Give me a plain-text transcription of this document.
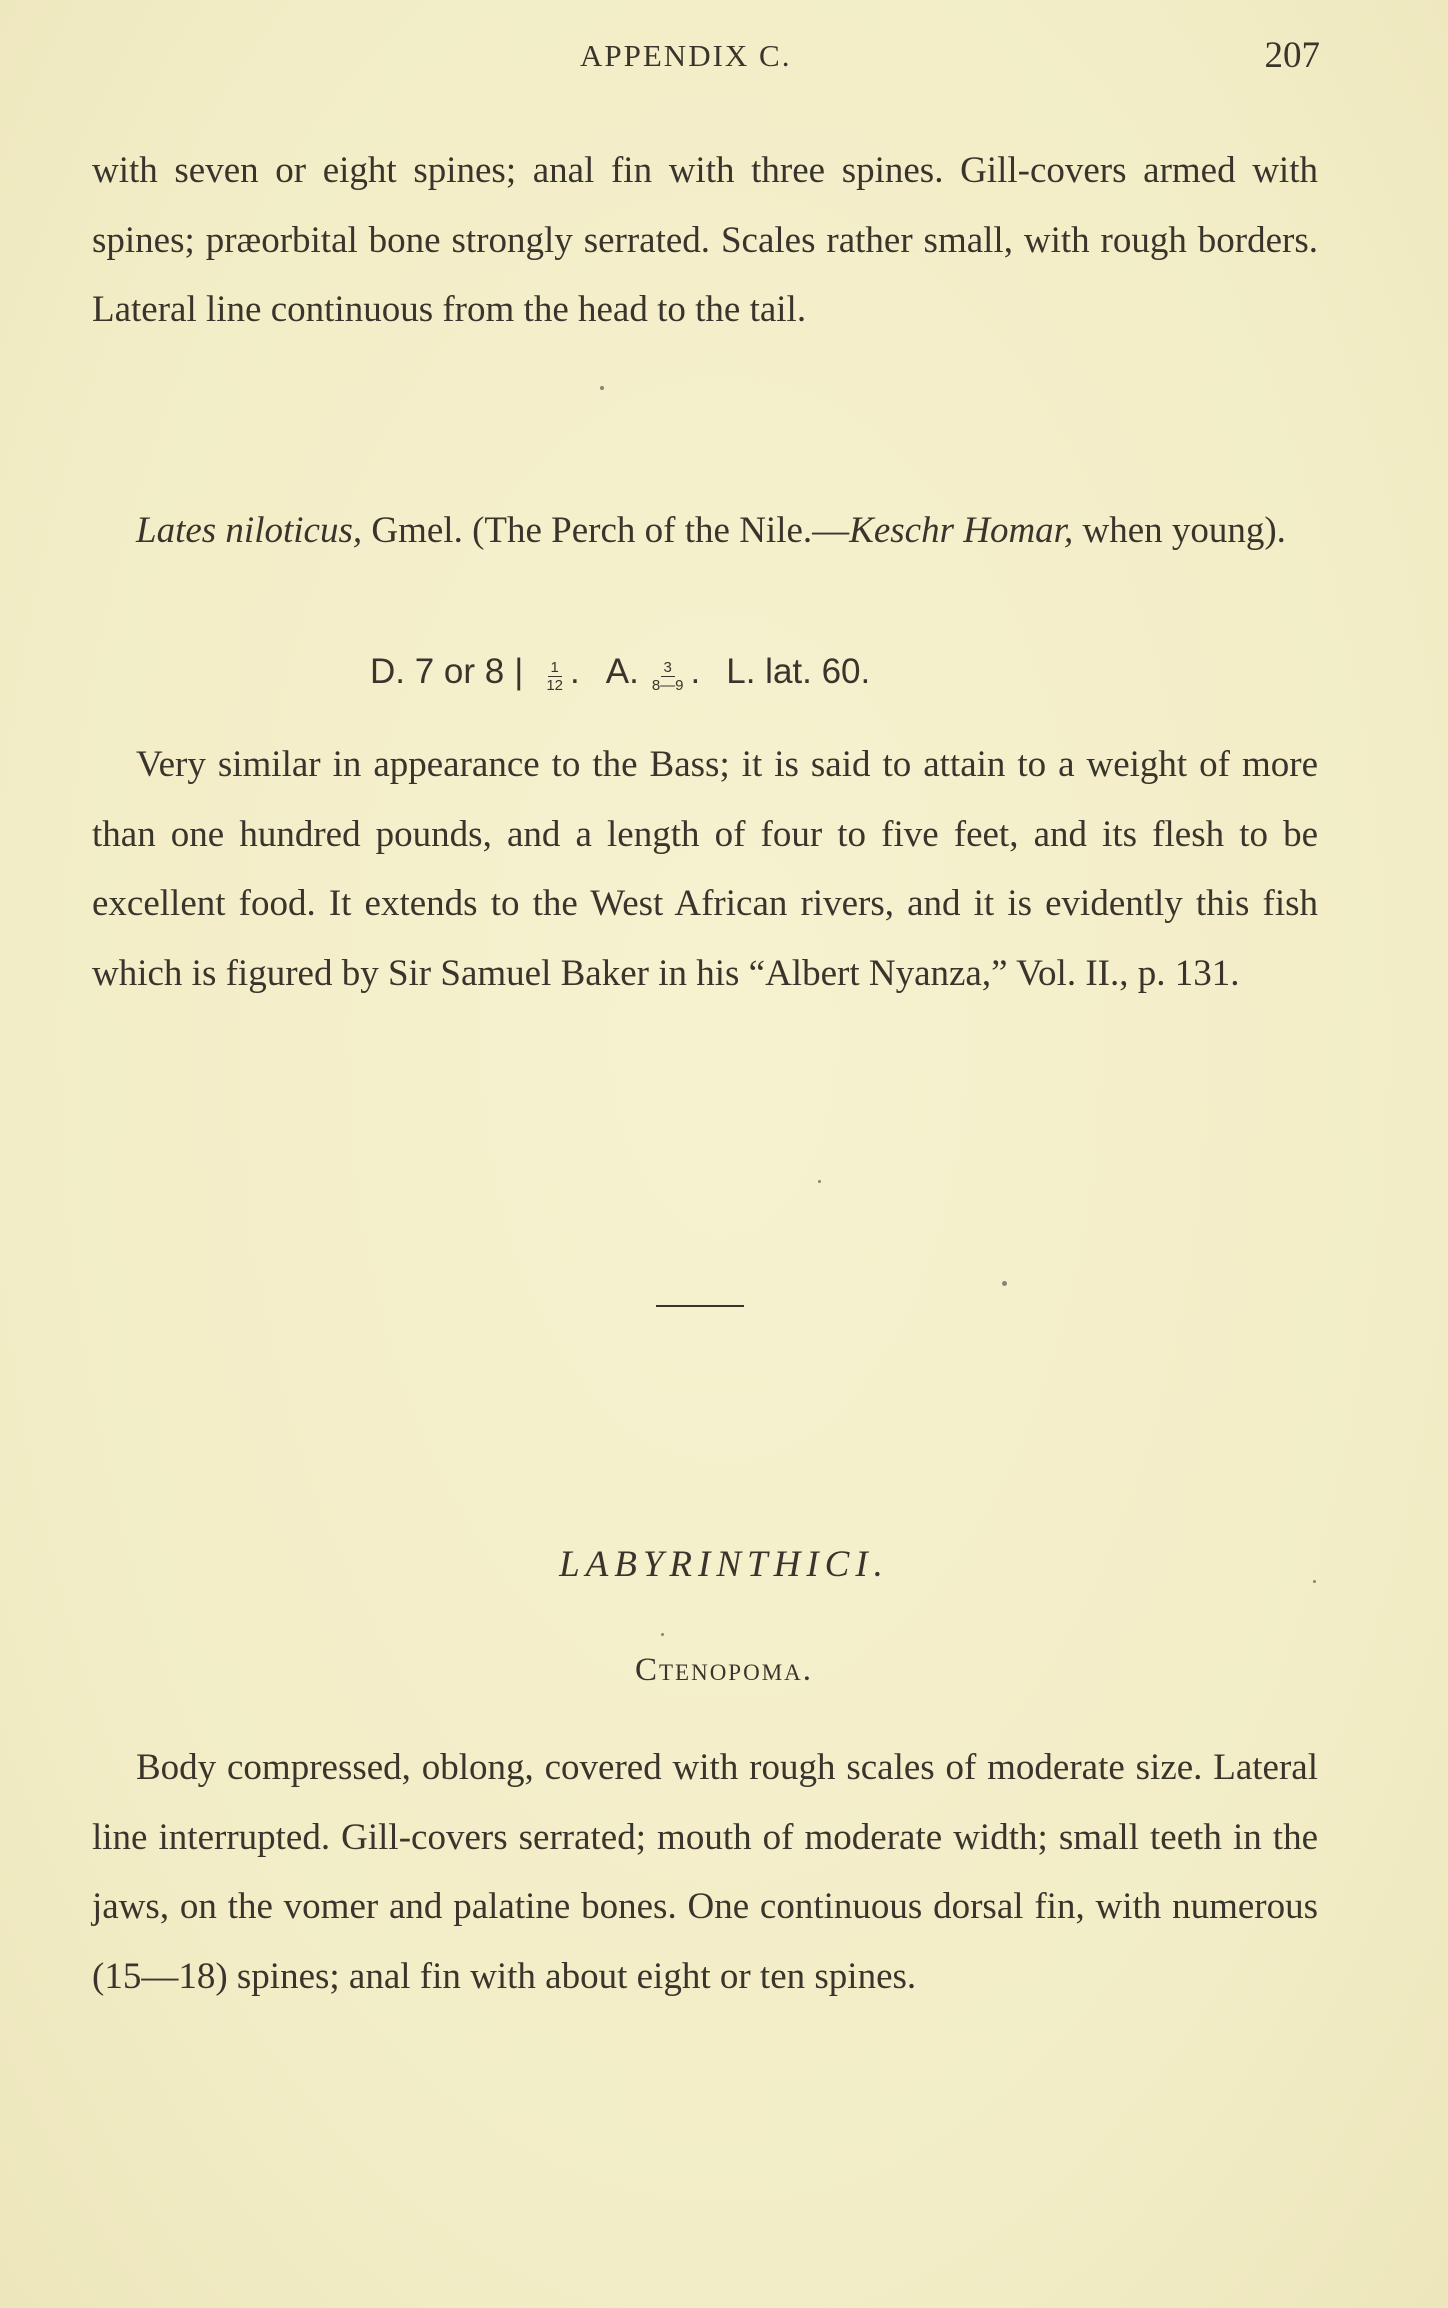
APPENDIX C.	207

with seven or eight spines; anal fin with three spines. Gill-covers armed with spines; præorbital bone strongly serrated. Scales rather small, with rough borders. Lateral line continuous from the head to the tail.

Lates niloticus, Gmel. (The Perch of the Nile.—Keschr Homar, when young).

D. 7 or 8 | $\frac{1}{12}$ . A. $\frac{3}{8—9}$ . L. lat. 60.

Very similar in appearance to the Bass; it is said to attain to a weight of more than one hundred pounds, and a length of four to five feet, and its flesh to be excellent food. It extends to the West African rivers, and it is evidently this fish which is figured by Sir Samuel Baker in his “Albert Nyanza,” Vol. II., p. 131.

LABYRINTHICI.
Ctenopoma.

Body compressed, oblong, covered with rough scales of moderate size. Lateral line interrupted. Gill-covers serrated; mouth of moderate width; small teeth in the jaws, on the vomer and palatine bones. One continuous dorsal fin, with numerous (15—18) spines; anal fin with about eight or ten spines.
